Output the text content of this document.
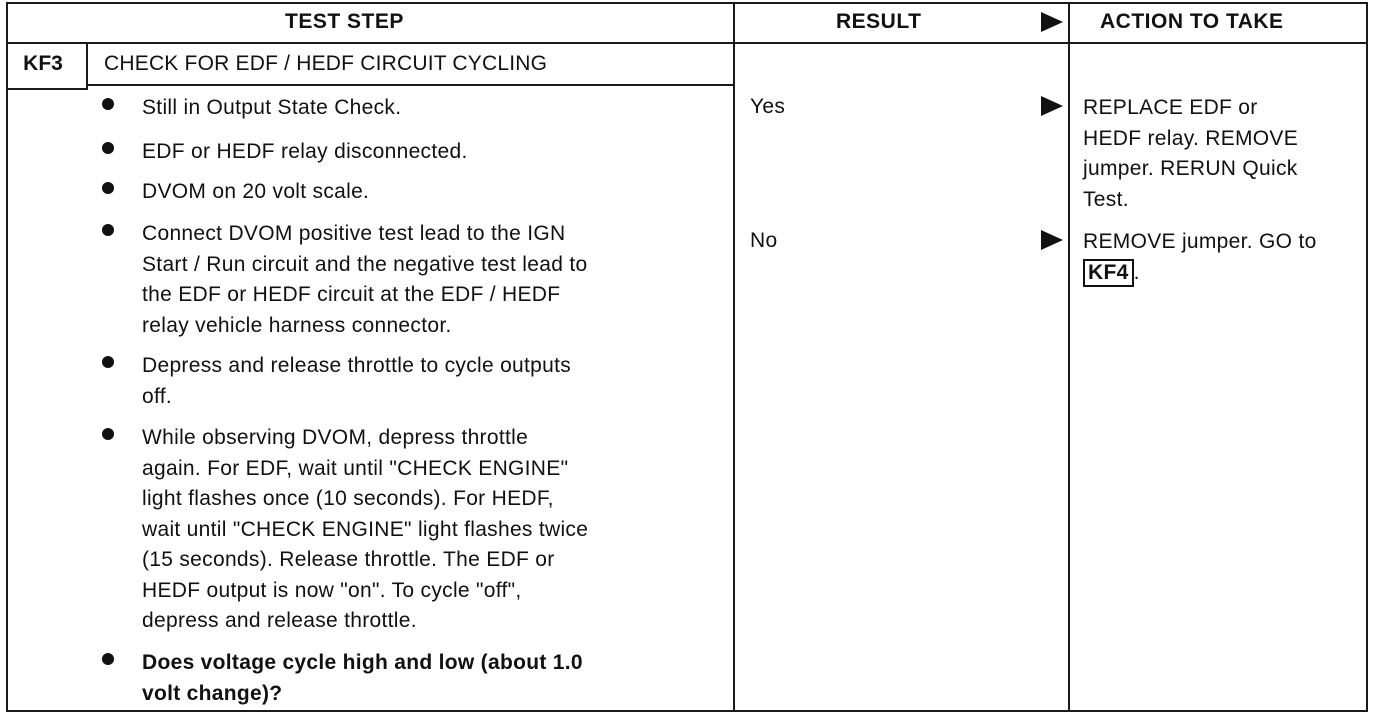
TEST STEP	RESULT	ACTION TO TAKE
KF3	CHECK FOR EDF / HEDF CIRCUIT CYCLING
Still in Output State Check.
EDF or HEDF relay disconnected.
DVOM on 20 volt scale.
Connect DVOM positive test lead to the IGN
Start / Run circuit and the negative test lead to
the EDF or HEDF circuit at the EDF / HEDF
relay vehicle harness connector.
Depress and release throttle to cycle outputs
off.
While observing DVOM, depress throttle
again. For EDF, wait until "CHECK ENGINE"
light flashes once (10 seconds). For HEDF,
wait until "CHECK ENGINE" light flashes twice
(15 seconds). Release throttle. The EDF or
HEDF output is now "on". To cycle "off",
depress and release throttle.
Does voltage cycle high and low (about 1.0
volt change)?
Yes	REPLACE EDF or
HEDF relay. REMOVE
jumper. RERUN Quick
Test.
No	REMOVE jumper. GO to
KF4 .
